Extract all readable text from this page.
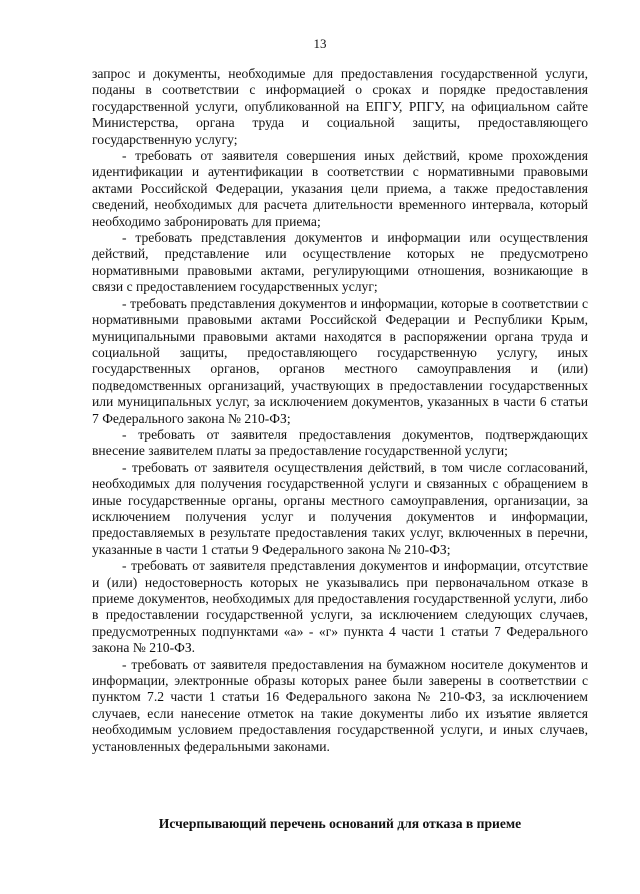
13

запрос и документы, необходимые для предоставления государственной услуги, поданы в соответствии с информацией о сроках и порядке предоставления государственной услуги, опубликованной на ЕПГУ, РПГУ, на официальном сайте Министерства, органа труда и социальной защиты, предоставляющего государственную услугу;

- требовать от заявителя совершения иных действий, кроме прохождения идентификации и аутентификации в соответствии с нормативными правовыми актами Российской Федерации, указания цели приема, а также предоставления сведений, необходимых для расчета длительности временного интервала, который необходимо забронировать для приема;

- требовать представления документов и информации или осуществления действий, представление или осуществление которых не предусмотрено нормативными правовыми актами, регулирующими отношения, возникающие в связи с предоставлением государственных услуг;

- требовать представления документов и информации, которые в соответствии с нормативными правовыми актами Российской Федерации и Республики Крым, муниципальными правовыми актами находятся в распоряжении органа труда и социальной защиты, предоставляющего государственную услугу, иных государственных органов, органов местного самоуправления и (или) подведомственных организаций, участвующих в предоставлении государственных или муниципальных услуг, за исключением документов, указанных в части 6 статьи 7 Федерального закона № 210-ФЗ;

- требовать от заявителя предоставления документов, подтверждающих внесение заявителем платы за предоставление государственной услуги;

- требовать от заявителя осуществления действий, в том числе согласований, необходимых для получения государственной услуги и связанных с обращением в иные государственные органы, органы местного самоуправления, организации, за исключением получения услуг и получения документов и информации, предоставляемых в результате предоставления таких услуг, включенных в перечни, указанные в части 1 статьи 9 Федерального закона № 210-ФЗ;

- требовать от заявителя представления документов и информации, отсутствие и (или) недостоверность которых не указывались при первоначальном отказе в приеме документов, необходимых для предоставления государственной услуги, либо в предоставлении государственной услуги, за исключением следующих случаев, предусмотренных подпунктами «а» - «г» пункта 4 части 1 статьи 7 Федерального закона № 210-ФЗ.

- требовать от заявителя предоставления на бумажном носителе документов и информации, электронные образы которых ранее были заверены в соответствии с пунктом 7.2 части 1 статьи 16 Федерального закона № 210-ФЗ, за исключением случаев, если нанесение отметок на такие документы либо их изъятие является необходимым условием предоставления государственной услуги, и иных случаев, установленных федеральными законами.

Исчерпывающий перечень оснований для отказа в приеме
